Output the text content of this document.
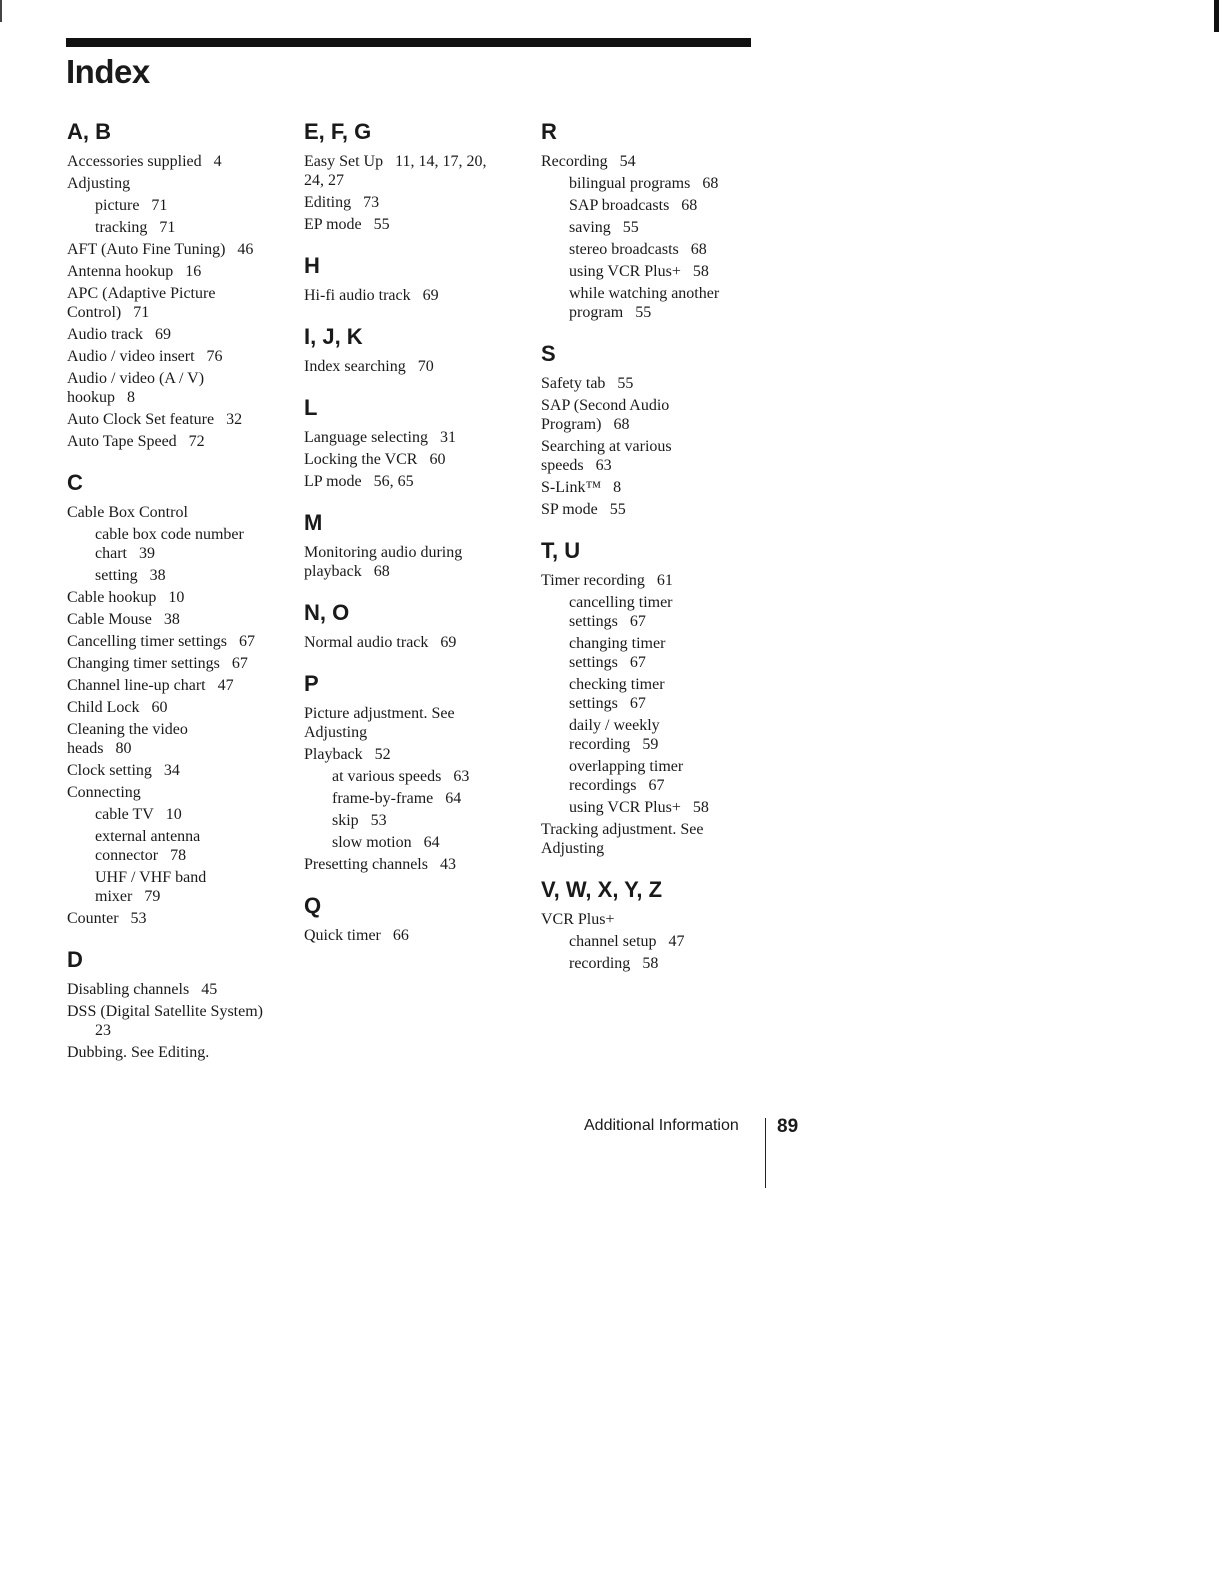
Index
A, B
Accessories supplied 4
Adjusting
picture 71
tracking 71
AFT (Auto Fine Tuning) 46
Antenna hookup 16
APC (Adaptive Picture
Control) 71
Audio track 69
Audio / video insert 76
Audio / video (A / V)
hookup 8
Auto Clock Set feature 32
Auto Tape Speed 72
C
Cable Box Control
cable box code number
chart 39
setting 38
Cable hookup 10
Cable Mouse 38
Cancelling timer settings 67
Changing timer settings 67
Channel line-up chart 47
Child Lock 60
Cleaning the video
heads 80
Clock setting 34
Connecting
cable TV 10
external antenna
connector 78
UHF / VHF band
mixer 79
Counter 53
D
Disabling channels 45
DSS (Digital Satellite System)
23
Dubbing. See Editing.
E, F, G
Easy Set Up 11, 14, 17, 20,
24, 27
Editing 73
EP mode 55
H
Hi-fi audio track 69
I, J, K
Index searching 70
L
Language selecting 31
Locking the VCR 60
LP mode 56, 65
M
Monitoring audio during
playback 68
N, O
Normal audio track 69
P
Picture adjustment. See
Adjusting
Playback 52
at various speeds 63
frame-by-frame 64
skip 53
slow motion 64
Presetting channels 43
Q
Quick timer 66
R
Recording 54
bilingual programs 68
SAP broadcasts 68
saving 55
stereo broadcasts 68
using VCR Plus+ 58
while watching another
program 55
S
Safety tab 55
SAP (Second Audio
Program) 68
Searching at various
speeds 63
S-Link™ 8
SP mode 55
T, U
Timer recording 61
cancelling timer
settings 67
changing timer
settings 67
checking timer
settings 67
daily / weekly
recording 59
overlapping timer
recordings 67
using VCR Plus+ 58
Tracking adjustment. See
Adjusting
V, W, X, Y, Z
VCR Plus+
channel setup 47
recording 58
Additional Information 89
